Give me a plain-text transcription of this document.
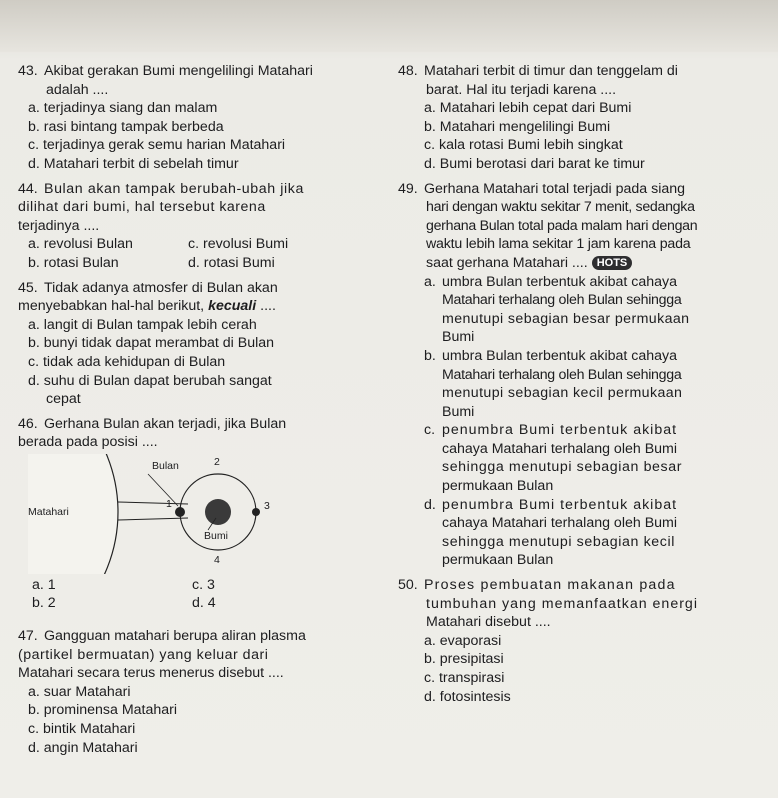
43. Akibat gerakan Bumi mengelilingi Matahari
adalah ....
a. terjadinya siang dan malam
b. rasi bintang tampak berbeda
c. terjadinya gerak semu harian Matahari
d. Matahari terbit di sebelah timur
44. Bulan akan tampak berubah-ubah jika
dilihat dari bumi, hal tersebut karena
terjadinya ....
a. revolusi Bulan	c. revolusi Bumi
b. rotasi Bulan	d. rotasi Bumi
45. Tidak adanya atmosfer di Bulan akan
menyebabkan hal-hal berikut, kecuali ....
a. langit di Bulan tampak lebih cerah
b. bunyi tidak dapat merambat di Bulan
c. tidak ada kehidupan di Bulan
d. suhu di Bulan dapat berubah sangat
cepat
46. Gerhana Bulan akan terjadi, jika Bulan
berada pada posisi ....
Bulan	2
Matahari
1	3
Bumi
4
a. 1	c. 3
b. 2	d. 4
47. Gangguan matahari berupa aliran plasma
(partikel bermuatan) yang keluar dari
Matahari secara terus menerus disebut ....
a. suar Matahari
b. prominensa Matahari
c. bintik Matahari
d. angin Matahari
48. Matahari terbit di timur dan tenggelam di
barat. Hal itu terjadi karena ....
a. Matahari lebih cepat dari Bumi
b. Matahari mengelilingi Bumi
c. kala rotasi Bumi lebih singkat
d. Bumi berotasi dari barat ke timur
49. Gerhana Matahari total terjadi pada siang
hari dengan waktu sekitar 7 menit, sedangka
gerhana Bulan total pada malam hari dengan
waktu lebih lama sekitar 1 jam karena pada
saat gerhana Matahari .... HOTS
a. umbra Bulan terbentuk akibat cahaya
Matahari terhalang oleh Bulan sehingga
menutupi sebagian besar permukaan
Bumi
b. umbra Bulan terbentuk akibat cahaya
Matahari terhalang oleh Bulan sehingga
menutupi sebagian kecil permukaan
Bumi
c. penumbra Bumi terbentuk akibat
cahaya Matahari terhalang oleh Bumi
sehingga menutupi sebagian besar
permukaan Bulan
d. penumbra Bumi terbentuk akibat
cahaya Matahari terhalang oleh Bumi
sehingga menutupi sebagian kecil
permukaan Bulan
50. Proses pembuatan makanan pada
tumbuhan yang memanfaatkan energi
Matahari disebut ....
a. evaporasi
b. presipitasi
c. transpirasi
d. fotosintesis
